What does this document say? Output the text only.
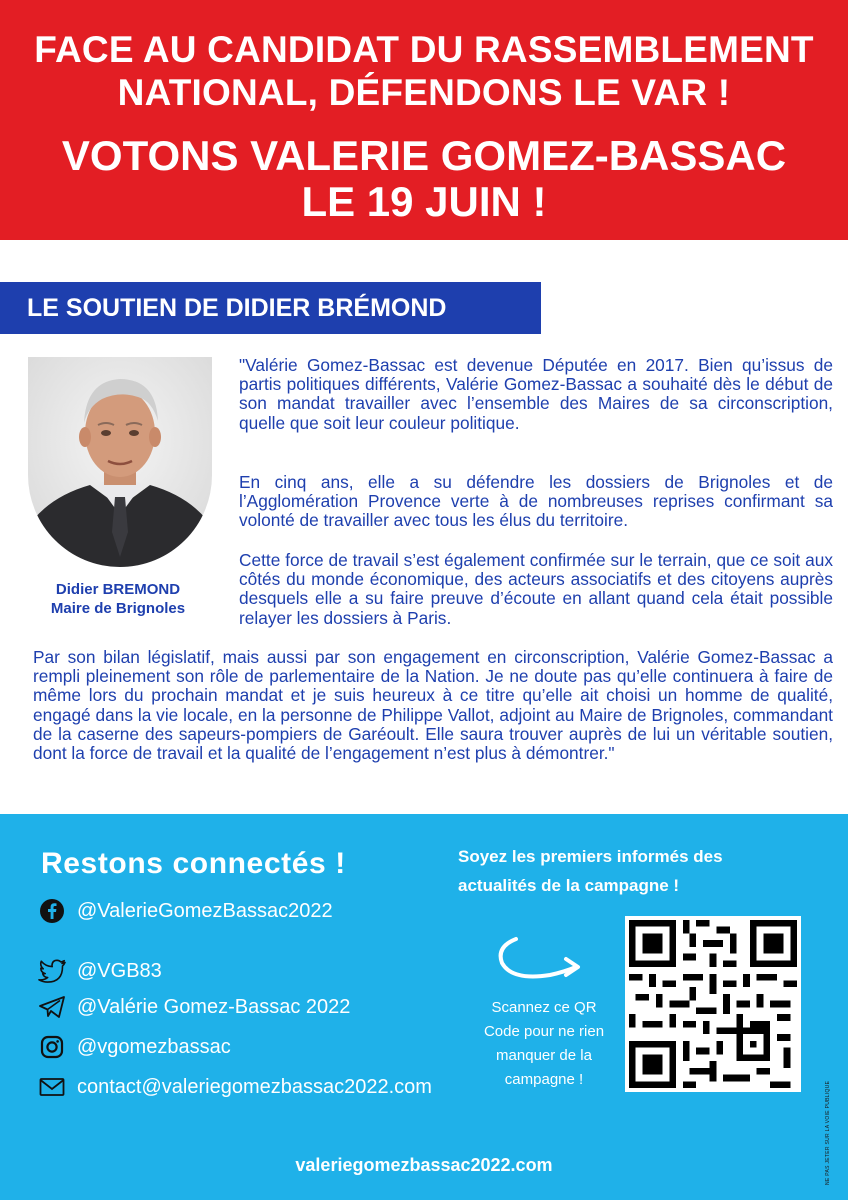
FACE AU CANDIDAT DU RASSEMBLEMENT
NATIONAL, DÉFENDONS LE VAR !
VOTONS VALERIE GOMEZ-BASSAC
LE 19 JUIN !
LE SOUTIEN DE DIDIER BRÉMOND
Didier BREMOND
Maire de Brignoles

"Valérie Gomez-Bassac est devenue Députée en 2017. Bien qu’issus de partis politiques différents, Valérie Gomez-Bassac a souhaité dès le début de son mandat travailler avec l’ensemble des Maires de sa circonscription, quelle que soit leur couleur politique.

En cinq ans, elle a su défendre les dossiers de Brignoles et de l’Agglomération Provence verte à de nombreuses reprises confirmant sa volonté de travailler avec tous les élus du territoire.

Cette force de travail s’est également confirmée sur le terrain, que ce soit aux côtés du monde économique, des acteurs associatifs et des citoyens auprès desquels elle a su faire preuve d’écoute en allant quand cela était possible relayer les dossiers à Paris.

Par son bilan législatif, mais aussi par son engagement en circonscription, Valérie Gomez-Bassac a rempli pleinement son rôle de parlementaire de la Nation. Je ne doute pas qu’elle continuera à faire de même lors du prochain mandat et je suis heureux à ce titre qu’elle ait choisi un homme de qualité, engagé dans la vie locale, en la personne de Philippe Vallot, adjoint au Maire de Brignoles, commandant de la caserne des sapeurs-pompiers de Garéoult. Elle saura trouver auprès de lui un véritable soutien, dont la force de travail et la qualité de l’engagement n’est plus à démontrer."

Restons connectés !
@ValerieGomezBassac2022
@VGB83
@Valérie Gomez-Bassac 2022
@vgomezbassac
contact@valeriegomezbassac2022.com
Soyez les premiers informés des
actualités de la campagne !
Scannez ce QR Code pour ne rien manquer de la campagne !
valeriegomezbassac2022.com	NE PAS JETER SUR LA VOIE PUBLIQUE
